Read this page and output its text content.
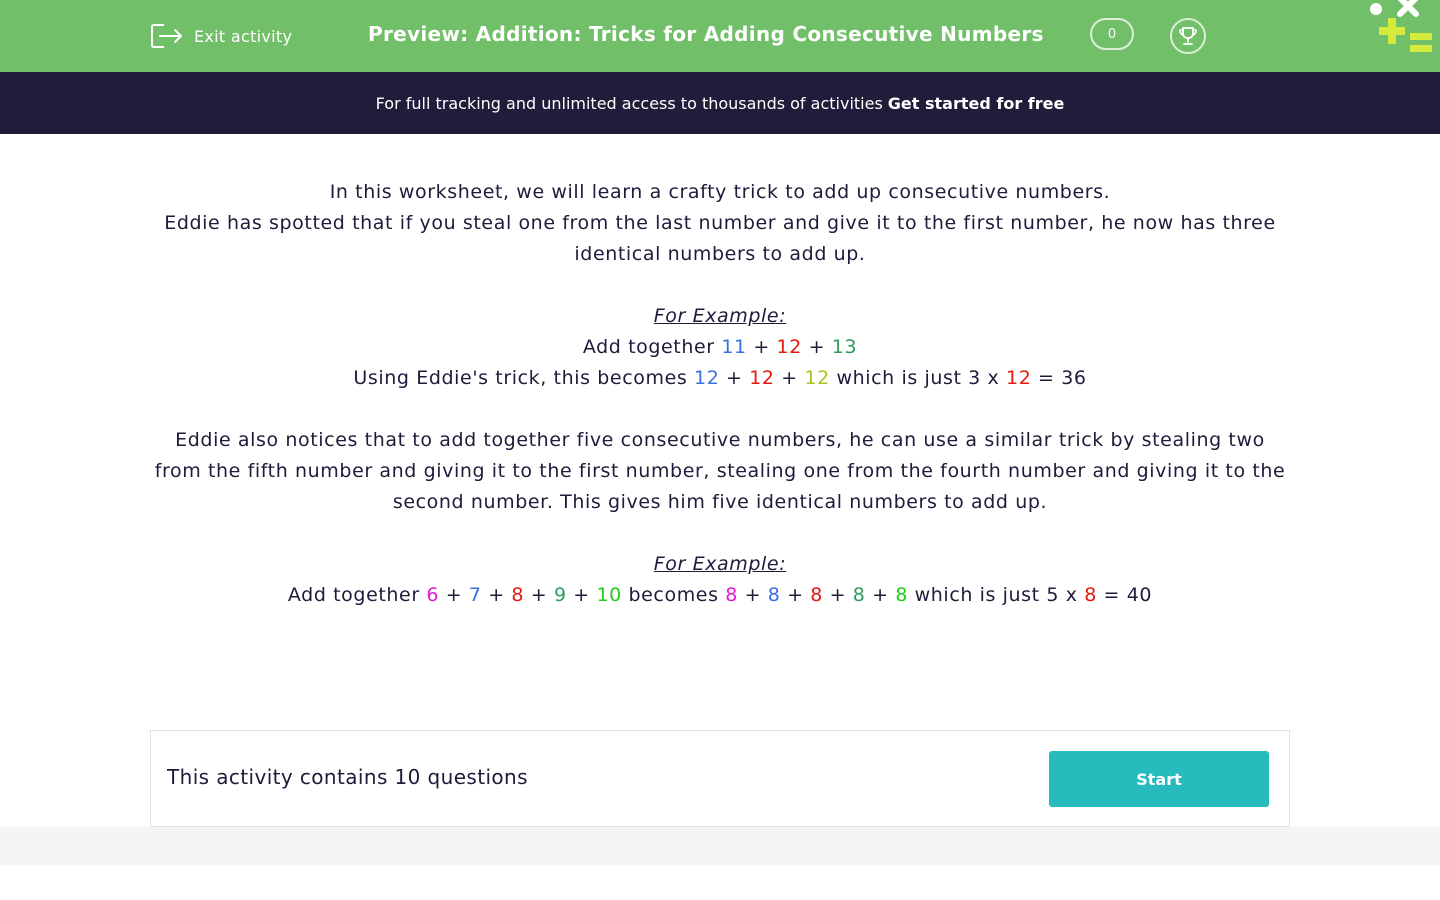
Exit activity	Preview: Addition: Tricks for Adding Consecutive Numbers	0
For full tracking and unlimited access to thousands of activities Get started for free

In this worksheet, we will learn a crafty trick to add up consecutive numbers.

Eddie has spotted that if you steal one from the last number and give it to the first number, he now has three identical numbers to add up.

For Example:

Add together 11 + 12 + 13

Using Eddie's trick, this becomes 12 + 12 + 12 which is just 3 x 12 = 36

Eddie also notices that to add together five consecutive numbers, he can use a similar trick by stealing two from the fifth number and giving it to the first number, stealing one from the fourth number and giving it to the second number. This gives him five identical numbers to add up.

For Example:

Add together 6 + 7 + 8 + 9 + 10 becomes 8 + 8 + 8 + 8 + 8 which is just 5 x 8 = 40

This activity contains 10 questions	Start
